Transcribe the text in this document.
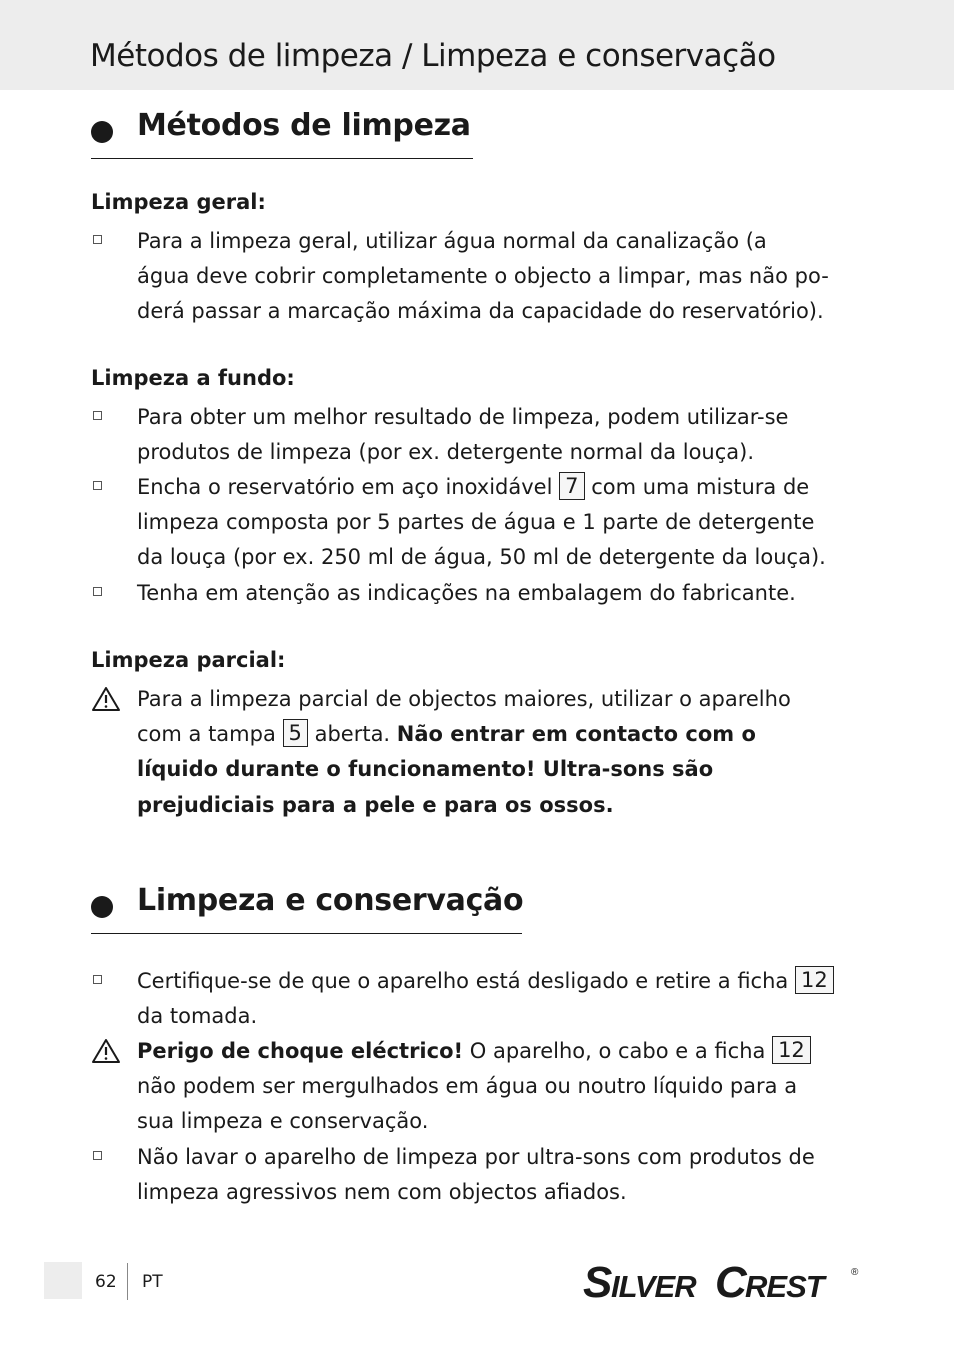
Métodos de limpeza / Limpeza e conservação
Métodos de limpeza
Limpeza geral:
Para a limpeza geral, utilizar água normal da canalização (a
água deve cobrir completamente o objecto a limpar, mas não po-
derá passar a marcação máxima da capacidade do reservatório).
Limpeza a fundo:
Para obter um melhor resultado de limpeza, podem utilizar-se
produtos de limpeza (por ex. detergente normal da louça).
Encha o reservatório em aço inoxidável 7 com uma mistura de
limpeza composta por 5 partes de água e 1 parte de detergente
da louça (por ex. 250 ml de água, 50 ml de detergente da louça).
Tenha em atenção as indicações na embalagem do fabricante.
Limpeza parcial:
Para a limpeza parcial de objectos maiores, utilizar o aparelho
com a tampa 5 aberta. Não entrar em contacto com o
líquido durante o funcionamento! Ultra-sons são
prejudiciais para a pele e para os ossos.
Limpeza e conservação
Certifique-se de que o aparelho está desligado e retire a ficha 12
da tomada.
Perigo de choque eléctrico! O aparelho, o cabo e a ficha 12
não podem ser mergulhados em água ou noutro líquido para a
sua limpeza e conservação.
Não lavar o aparelho de limpeza por ultra-sons com produtos de
limpeza agressivos nem com objectos afiados.
62 PT	S ILVER C REST	®
